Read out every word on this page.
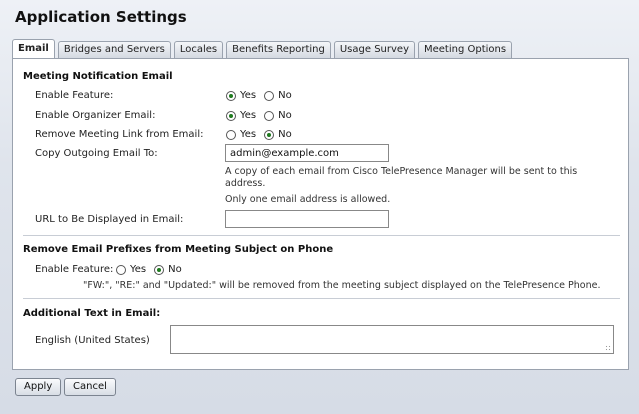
Application Settings
Email	Bridges and Servers	Locales	Benefits Reporting	Usage Survey	Meeting Options
Meeting Notification Email
Enable Feature:	Yes No
Enable Organizer Email:	Yes No
Remove Meeting Link from Email:	Yes No
Copy Outgoing Email To:
admin@example.com
A copy of each email from Cisco TelePresence Manager will be sent to this
address.
Only one email address is allowed.
URL to Be Displayed in Email:
Remove Email Prefixes from Meeting Subject on Phone
Enable Feature: Yes No
"FW:", "RE:" and "Updated:" will be removed from the meeting subject displayed on the TelePresence Phone.
Additional Text in Email:
English (United States)
Apply	Cancel
